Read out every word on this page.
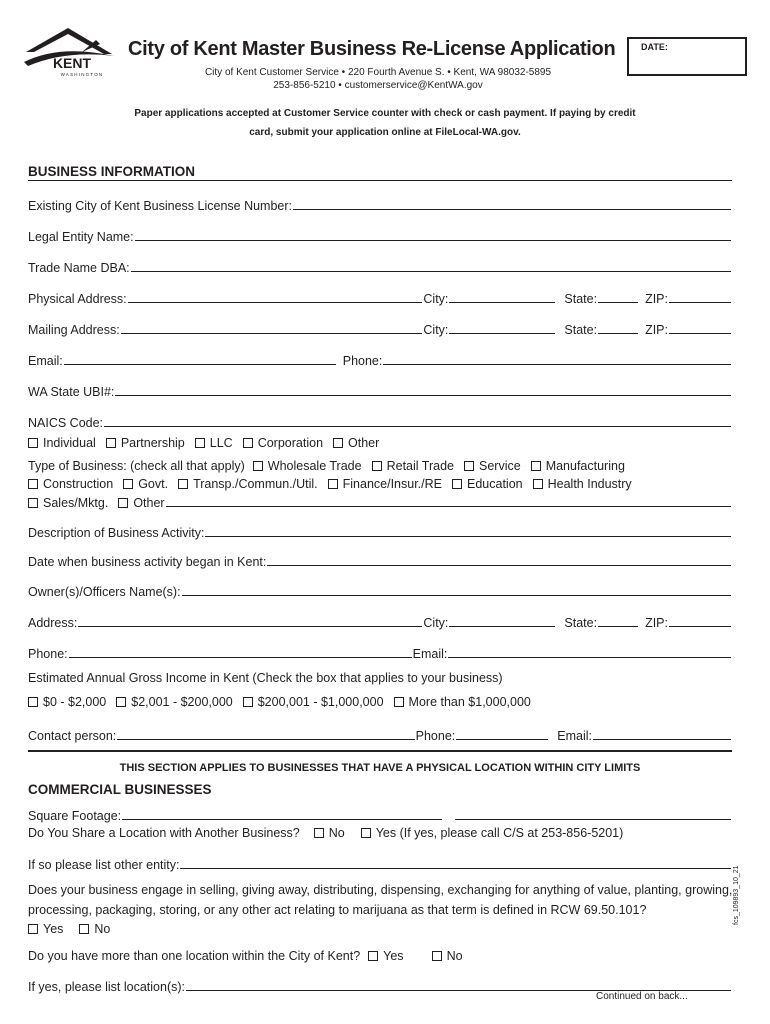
KENT
WASHINGTON
City of Kent Master Business Re-License Application	DATE:
City of Kent Customer Service • 220 Fourth Avenue S. • Kent, WA 98032-5895
253-856-5210 • customerservice@KentWA.gov
Paper applications accepted at Customer Service counter with check or cash payment. If paying by credit
card, submit your application online at FileLocal-WA.gov.
BUSINESS INFORMATION
Existing City of Kent Business License Number:
Legal Entity Name:
Trade Name DBA:
Physical Address:	City:	State:	ZIP:
Mailing Address:	City:	State:	ZIP:
Email:	Phone:
WA State UBI#:
NAICS Code:
Individual Partnership LLC Corporation Other
Type of Business: (check all that apply) Wholesale Trade Retail Trade Service Manufacturing
Construction Govt. Transp./Commun./Util. Finance/Insur./RE Education Health Industry
Sales/Mktg. Other
Description of Business Activity:
Date when business activity began in Kent:
Owner(s)/Officers Name(s):
Address:	City:	State:	ZIP:
Phone:	Email:
Estimated Annual Gross Income in Kent (Check the box that applies to your business)
$0 - $2,000 $2,001 - $200,000 $200,001 - $1,000,000 More than $1,000,000
Contact person:	Phone:	Email:
THIS SECTION APPLIES TO BUSINESSES THAT HAVE A PHYSICAL LOCATION WITHIN CITY LIMITS
COMMERCIAL BUSINESSES
Square Footage:
Do You Share a Location with Another Business? No Yes (If yes, please call C/S at 253-856-5201)
If so please list other entity:
Does your business engage in selling, giving away, distributing, dispensing, exchanging for anything of value, planting, growing, processing, packaging, storing, or any other act relating to marijuana as that term is defined in RCW 69.50.101?
Yes No
Do you have more than one location within the City of Kent? Yes	No
If yes, please list location(s):
fcs_109893_10_21
Continued on back...
